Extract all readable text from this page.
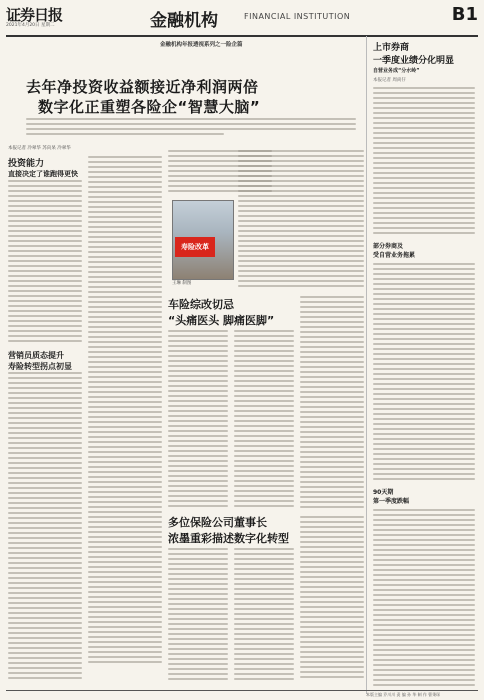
证券日报
2021年4月20日 星期二	金融机构	FINANCIAL INSTITUTION	B1
金融机构年报透视系列之一险企篇
去年净投资收益额接近净利润两倍
数字化正重塑各险企“智慧大脑”
本报记者 冷翠华 苏向杲 冷翠华
投资能力
直接决定了谁跑得更快
营销员质态提升
寿险转型拐点初显
寿险改革
王琳 制图
车险综改切忌
“头痛医头 脚痛医脚”
多位保险公司董事长
浓墨重彩描述数字化转型
上市券商
一季度业绩分化明显
自营业务成“分水岭”
本报记者 周尚仔
部分券商及
受自营业务拖累
90天期
第一季度跌幅
本版主编 乔川川 责 编 孙 华 制 作 曹秉琛
